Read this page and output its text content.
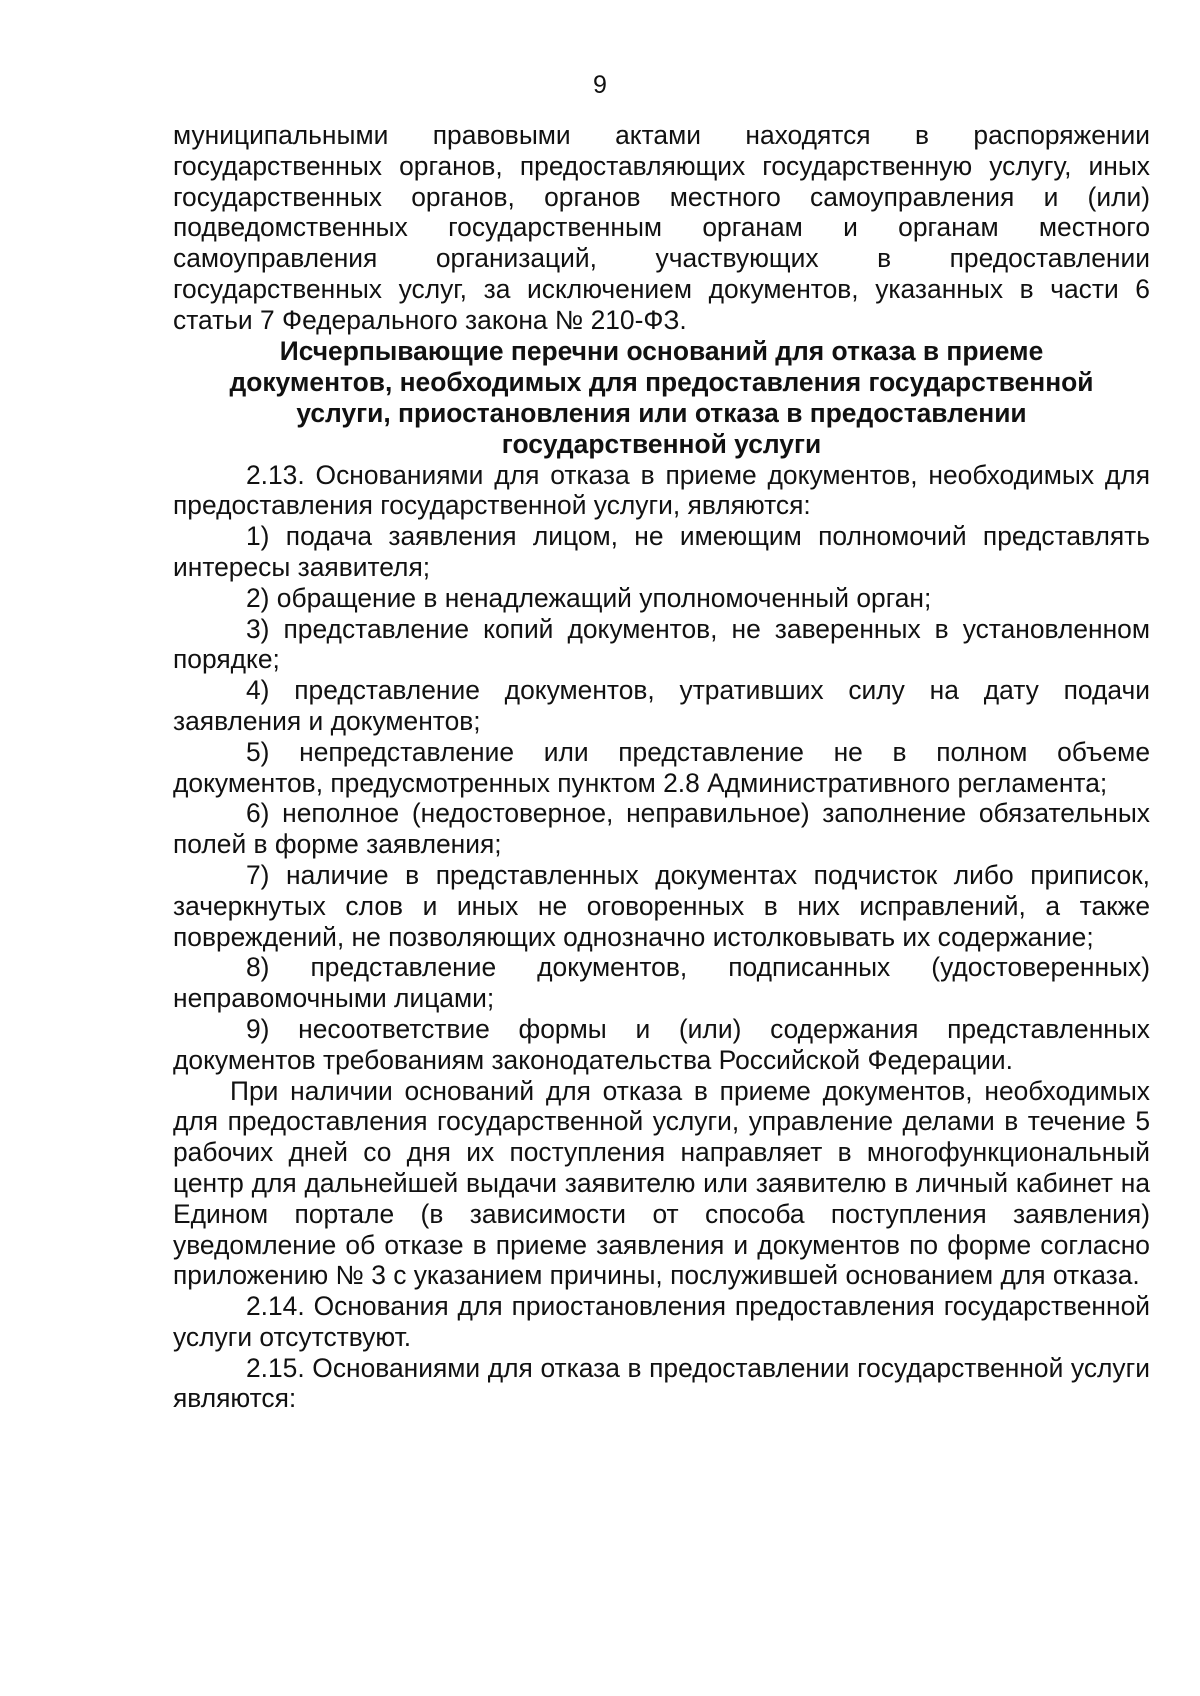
9

муниципальными правовыми актами находятся в распоряжении государственных органов, предоставляющих государственную услугу, иных государственных органов, органов местного самоуправления и (или) подведомственных государственным органам и органам местного самоуправления организаций, участвующих в предоставлении государственных услуг, за исключением документов, указанных в части 6 статьи 7 Федерального закона № 210-ФЗ.

Исчерпывающие перечни оснований для отказа в приеме
документов, необходимых для предоставления государственной
услуги, приостановления или отказа в предоставлении
государственной услуги

2.13. Основаниями для отказа в приеме документов, необходимых для предоставления государственной услуги, являются:

1) подача заявления лицом, не имеющим полномочий представлять интересы заявителя;

2) обращение в ненадлежащий уполномоченный орган;

3) представление копий документов, не заверенных в установленном порядке;

4) представление документов, утративших силу на дату подачи заявления и документов;

5) непредставление или представление не в полном объеме документов, предусмотренных пунктом 2.8 Административного регламента;

6) неполное (недостоверное, неправильное) заполнение обязательных полей в форме заявления;

7) наличие в представленных документах подчисток либо приписок, зачеркнутых слов и иных не оговоренных в них исправлений, а также повреждений, не позволяющих однозначно истолковывать их содержание;

8) представление документов, подписанных (удостоверенных) неправомочными лицами;

9) несоответствие формы и (или) содержания представленных документов требованиям законодательства Российской Федерации.

При наличии оснований для отказа в приеме документов, необходимых для предоставления государственной услуги, управление делами в течение 5 рабочих дней со дня их поступления направляет в многофункциональный центр для дальнейшей выдачи заявителю или заявителю в личный кабинет на Едином портале (в зависимости от способа поступления заявления) уведомление об отказе в приеме заявления и документов по форме согласно приложению № 3 с указанием причины, послужившей основанием для отказа.

2.14. Основания для приостановления предоставления государственной услуги отсутствуют.

2.15. Основаниями для отказа в предоставлении государственной услуги являются:
